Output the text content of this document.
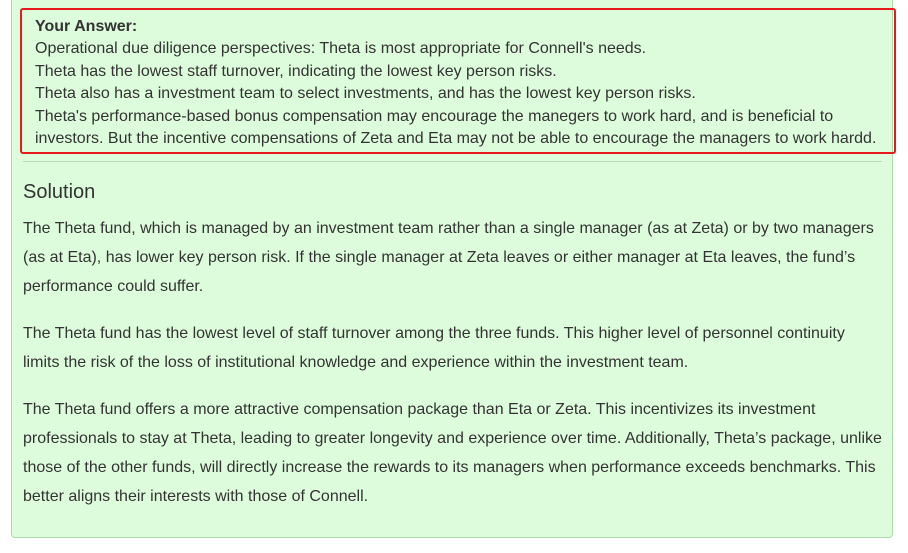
Your Answer:
Operational due diligence perspectives: Theta is most appropriate for Connell's needs.
Theta has the lowest staff turnover, indicating the lowest key person risks.
Theta also has a investment team to select investments, and has the lowest key person risks.
Theta's performance-based bonus compensation may encourage the manegers to work hard, and is beneficial to
investors. But the incentive compensations of Zeta and Eta may not be able to encourage the managers to work hardd.
Solution

The Theta fund, which is managed by an investment team rather than a single manager (as at Zeta) or by two managers (as at Eta), has lower key person risk. If the single manager at Zeta leaves or either manager at Eta leaves, the fund’s performance could suffer.

The Theta fund has the lowest level of staff turnover among the three funds. This higher level of personnel continuity limits the risk of the loss of institutional knowledge and experience within the investment team.

The Theta fund offers a more attractive compensation package than Eta or Zeta. This incentivizes its investment professionals to stay at Theta, leading to greater longevity and experience over time. Additionally, Theta’s package, unlike those of the other funds, will directly increase the rewards to its managers when performance exceeds benchmarks. This better aligns their interests with those of Connell.
